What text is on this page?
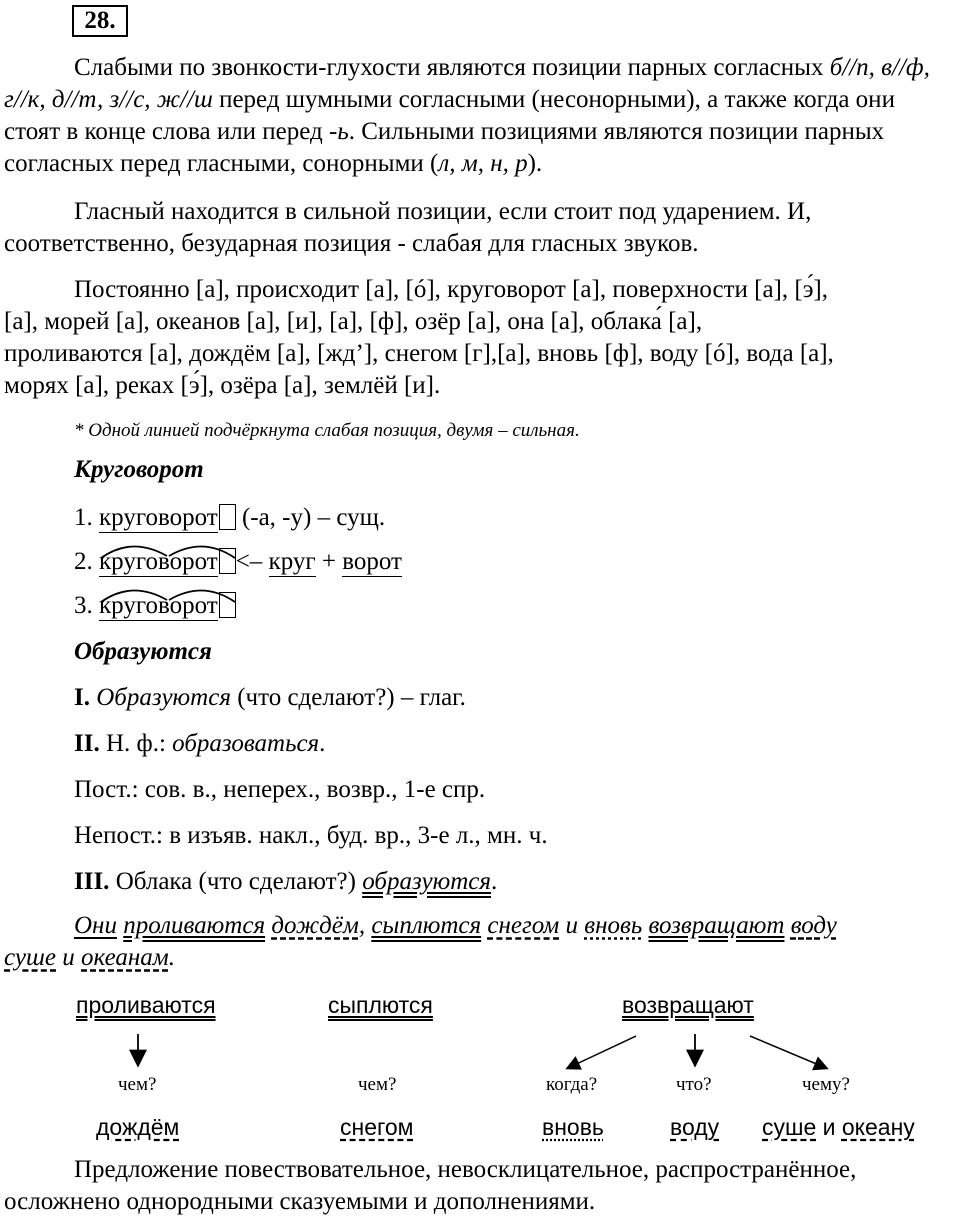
28.

Слабыми по звонкости-глухости являются позиции парных согласных б//п, в//ф, г//к, д//т, з//с, ж//ш перед шумными согласными (несонорными), а также когда они стоят в конце слова или перед -ь. Сильными позициями являются позиции парных согласных перед гласными, сонорными (л, м, н, р).

Гласный находится в сильной позиции, если стоит под ударением. И, соответственно, безударная позиция - слабая для гласных звуков.

Постоянно [а], происходит [а], [ó], круговорот [а], поверхности [а], [э́],
[а], морей [а], океанов [а], [и], [а], [ф], озёр [а], она [а], облака́ [а],
проливаются [а], дождём [а], [жд’], снегом [г],[а], вновь [ф], воду [ó], вода [а],
морях [а], реках [э́], озёра [а], землёй [и].
* Одной линией подчёркнута слабая позиция, двумя – сильная.
Круговорот
1. круговорот (-а, -у) – сущ.
2. круговорот <– круг + ворот
3. круговорот
Образуются
I. Образуются (что сделают?) – глаг.
II. Н. ф.: образоваться.
Пост.: сов. в., неперех., возвр., 1-е спр.
Непост.: в изъяв. накл., буд. вр., 3-е л., мн. ч.
III. Облака (что сделают?) образуются.
Они проливаются дождём, сыплются снегом и вновь возвращают воду
суше и океанам.
проливаются	сыплются	возвращают
чем?	чем?	когда?	что?	чему?
дождём	снегом	вновь	воду суше и океану

Предложение повествовательное, невосклицательное, распространённое, осложнено однородными сказуемыми и дополнениями.
